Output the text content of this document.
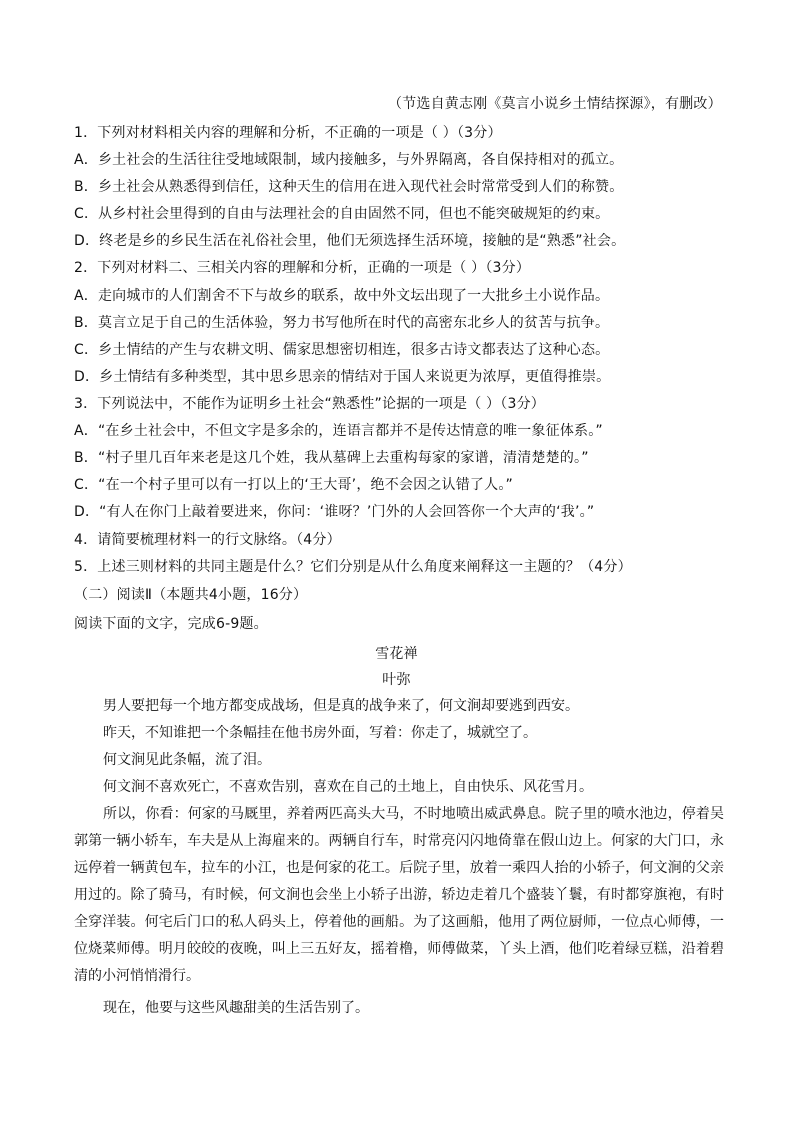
（节选自黄志刚《莫言小说乡土情结探源》，有删改）
1．下列对材料相关内容的理解和分析，不正确的一项是（ ）（3分）
A．乡土社会的生活往往受地域限制，域内接触多，与外界隔离，各自保持相对的孤立。
B．乡土社会从熟悉得到信任，这种天生的信用在进入现代社会时常常受到人们的称赞。
C．从乡村社会里得到的自由与法理社会的自由固然不同，但也不能突破规矩的约束。
D．终老是乡的乡民生活在礼俗社会里，他们无须选择生活环境，接触的是“熟悉”社会。
2．下列对材料二、三相关内容的理解和分析，正确的一项是（ ）（3分）
A．走向城市的人们割舍不下与故乡的联系，故中外文坛出现了一大批乡土小说作品。
B．莫言立足于自己的生活体验，努力书写他所在时代的高密东北乡人的贫苦与抗争。
C．乡土情结的产生与农耕文明、儒家思想密切相连，很多古诗文都表达了这种心态。
D．乡土情结有多种类型，其中思乡思亲的情结对于国人来说更为浓厚，更值得推崇。
3．下列说法中，不能作为证明乡土社会“熟悉性”论据的一项是（ ）（3分）
A．“在乡土社会中，不但文字是多余的，连语言都并不是传达情意的唯一象征体系。”
B．“村子里几百年来老是这几个姓，我从墓碑上去重构每家的家谱，清清楚楚的。”
C．“在一个村子里可以有一打以上的‘王大哥’，绝不会因之认错了人。”
D．“有人在你门上敲着要进来，你问：‘谁呀？’门外的人会回答你一个大声的‘我’。”
4．请简要梳理材料一的行文脉络。（4分）
5．上述三则材料的共同主题是什么？它们分别是从什么角度来阐释这一主题的？（4分）
（二）阅读Ⅱ（本题共4小题，16分）
阅读下面的文字，完成6-9题。
雪花禅
叶弥

男人要把每一个地方都变成战场，但是真的战争来了，何文涧却要逃到西安。

昨天，不知谁把一个条幅挂在他书房外面，写着：你走了，城就空了。

何文涧见此条幅，流了泪。

何文涧不喜欢死亡，不喜欢告别，喜欢在自己的土地上，自由快乐、风花雪月。

所以，你看：何家的马厩里，养着两匹高头大马，不时地喷出威武鼻息。院子里的喷水池边，停着吴郭第一辆小轿车，车夫是从上海雇来的。两辆自行车，时常亮闪闪地倚靠在假山边上。何家的大门口，永远停着一辆黄包车，拉车的小江，也是何家的花工。后院子里，放着一乘四人抬的小轿子，何文涧的父亲用过的。除了骑马，有时候，何文涧也会坐上小轿子出游，轿边走着几个盛装丫鬟，有时都穿旗袍，有时全穿洋装。何宅后门口的私人码头上，停着他的画船。为了这画船，他用了两位厨师，一位点心师傅，一位烧菜师傅。明月皎皎的夜晚，叫上三五好友，摇着橹，师傅做菜，丫头上酒，他们吃着绿豆糕，沿着碧清的小河悄悄滑行。

现在，他要与这些风趣甜美的生活告别了。
